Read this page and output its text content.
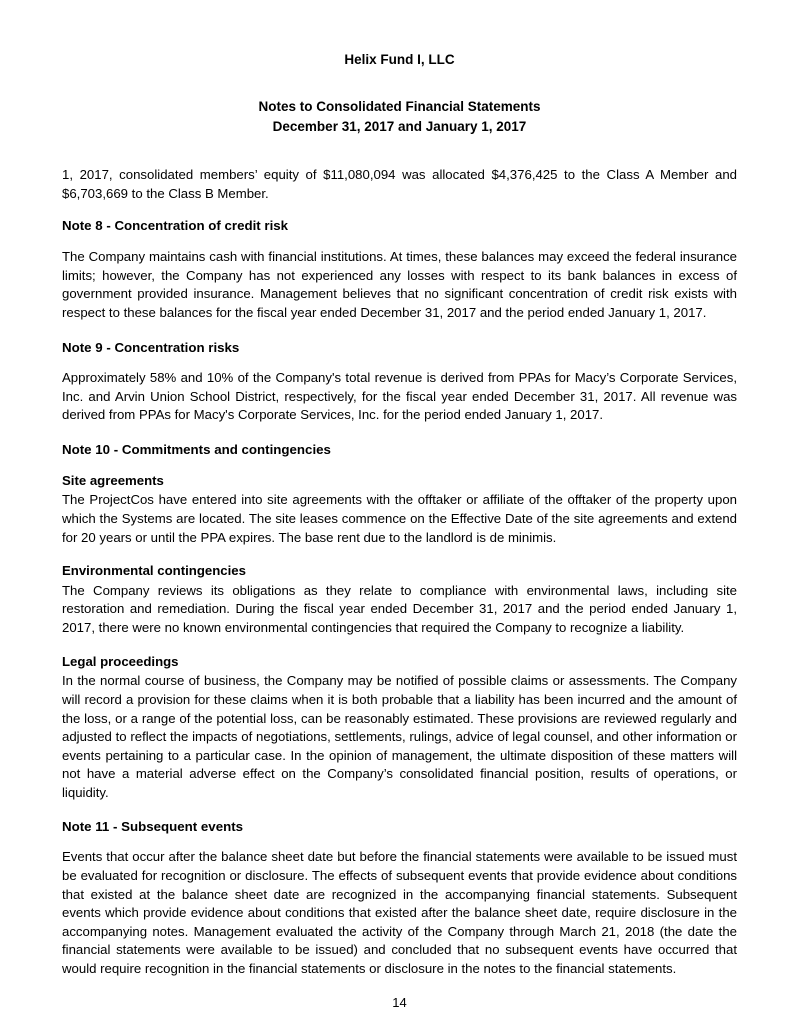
Helix Fund I, LLC
Notes to Consolidated Financial Statements
December 31, 2017 and January 1, 2017

1, 2017, consolidated members’ equity of $11,080,094 was allocated $4,376,425 to the Class A Member and $6,703,669 to the Class B Member.

Note 8 - Concentration of credit risk

The Company maintains cash with financial institutions. At times, these balances may exceed the federal insurance limits; however, the Company has not experienced any losses with respect to its bank balances in excess of government provided insurance. Management believes that no significant concentration of credit risk exists with respect to these balances for the fiscal year ended December 31, 2017 and the period ended January 1, 2017.

Note 9 - Concentration risks

Approximately 58% and 10% of the Company's total revenue is derived from PPAs for Macy’s Corporate Services, Inc. and Arvin Union School District, respectively, for the fiscal year ended December 31, 2017. All revenue was derived from PPAs for Macy's Corporate Services, Inc. for the period ended January 1, 2017.

Note 10 - Commitments and contingencies
Site agreements

The ProjectCos have entered into site agreements with the offtaker or affiliate of the offtaker of the property upon which the Systems are located. The site leases commence on the Effective Date of the site agreements and extend for 20 years or until the PPA expires. The base rent due to the landlord is de minimis.

Environmental contingencies

The Company reviews its obligations as they relate to compliance with environmental laws, including site restoration and remediation. During the fiscal year ended December 31, 2017 and the period ended January 1, 2017, there were no known environmental contingencies that required the Company to recognize a liability.

Legal proceedings

In the normal course of business, the Company may be notified of possible claims or assessments. The Company will record a provision for these claims when it is both probable that a liability has been incurred and the amount of the loss, or a range of the potential loss, can be reasonably estimated. These provisions are reviewed regularly and adjusted to reflect the impacts of negotiations, settlements, rulings, advice of legal counsel, and other information or events pertaining to a particular case. In the opinion of management, the ultimate disposition of these matters will not have a material adverse effect on the Company’s consolidated financial position, results of operations, or liquidity.

Note 11 - Subsequent events

Events that occur after the balance sheet date but before the financial statements were available to be issued must be evaluated for recognition or disclosure. The effects of subsequent events that provide evidence about conditions that existed at the balance sheet date are recognized in the accompanying financial statements. Subsequent events which provide evidence about conditions that existed after the balance sheet date, require disclosure in the accompanying notes. Management evaluated the activity of the Company through March 21, 2018 (the date the financial statements were available to be issued) and concluded that no subsequent events have occurred that would require recognition in the financial statements or disclosure in the notes to the financial statements.

14
